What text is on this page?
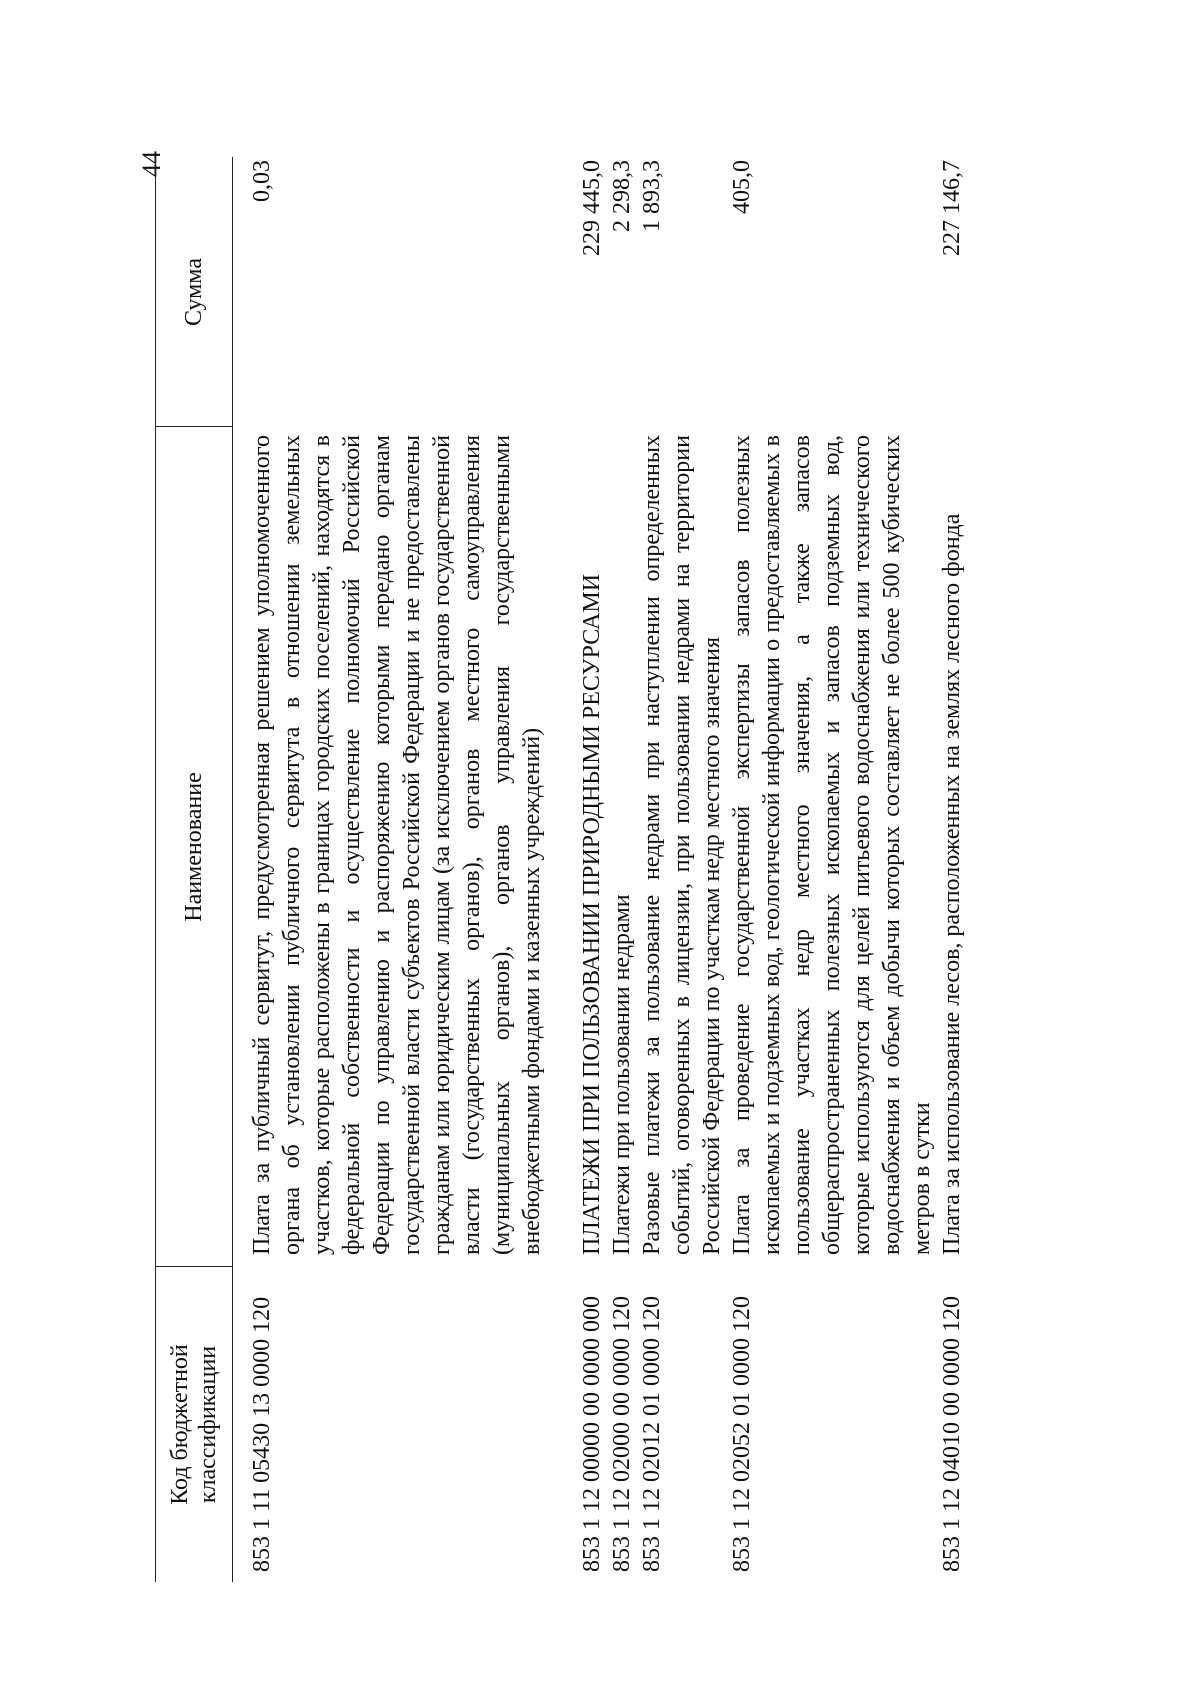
44
Код бюджетной классификации
Наименование
Сумма
853 1 11 05430 13 0000 120
Плата за публичный сервитут, предусмотренная решением уполномоченного органа об установлении публичного сервитута в отношении земельных участков, которые расположены в границах городских поселений, находятся в федеральной собственности и осуществление полномочий Российской Федерации по управлению и распоряжению которыми передано органам государственной власти субъектов Российской Федерации и не предоставлены гражданам или юридическим лицам (за исключением органов государственной власти (государственных органов), органов местного самоуправления (муниципальных органов), органов управления государственными внебюджетными фондами и казенных учреждений)
0,03
853 1 12 00000 00 0000 000
ПЛАТЕЖИ ПРИ ПОЛЬЗОВАНИИ ПРИРОДНЫМИ РЕСУРСАМИ
229 445,0
853 1 12 02000 00 0000 120
Платежи при пользовании недрами
2 298,3
853 1 12 02012 01 0000 120
Разовые платежи за пользование недрами при наступлении определенных событий, оговоренных в лицензии, при пользовании недрами на территории Российской Федерации по участкам недр местного значения
1 893,3
853 1 12 02052 01 0000 120
Плата за проведение государственной экспертизы запасов полезных ископаемых и подземных вод, геологической информации о предоставляемых в пользование участках недр местного значения, а также запасов общераспространенных полезных ископаемых и запасов подземных вод, которые используются для целей питьевого водоснабжения или технического водоснабжения и объем добычи которых составляет не более 500 кубических метров в сутки
405,0
853 1 12 04010 00 0000 120
Плата за использование лесов, расположенных на землях лесного фонда
227 146,7
